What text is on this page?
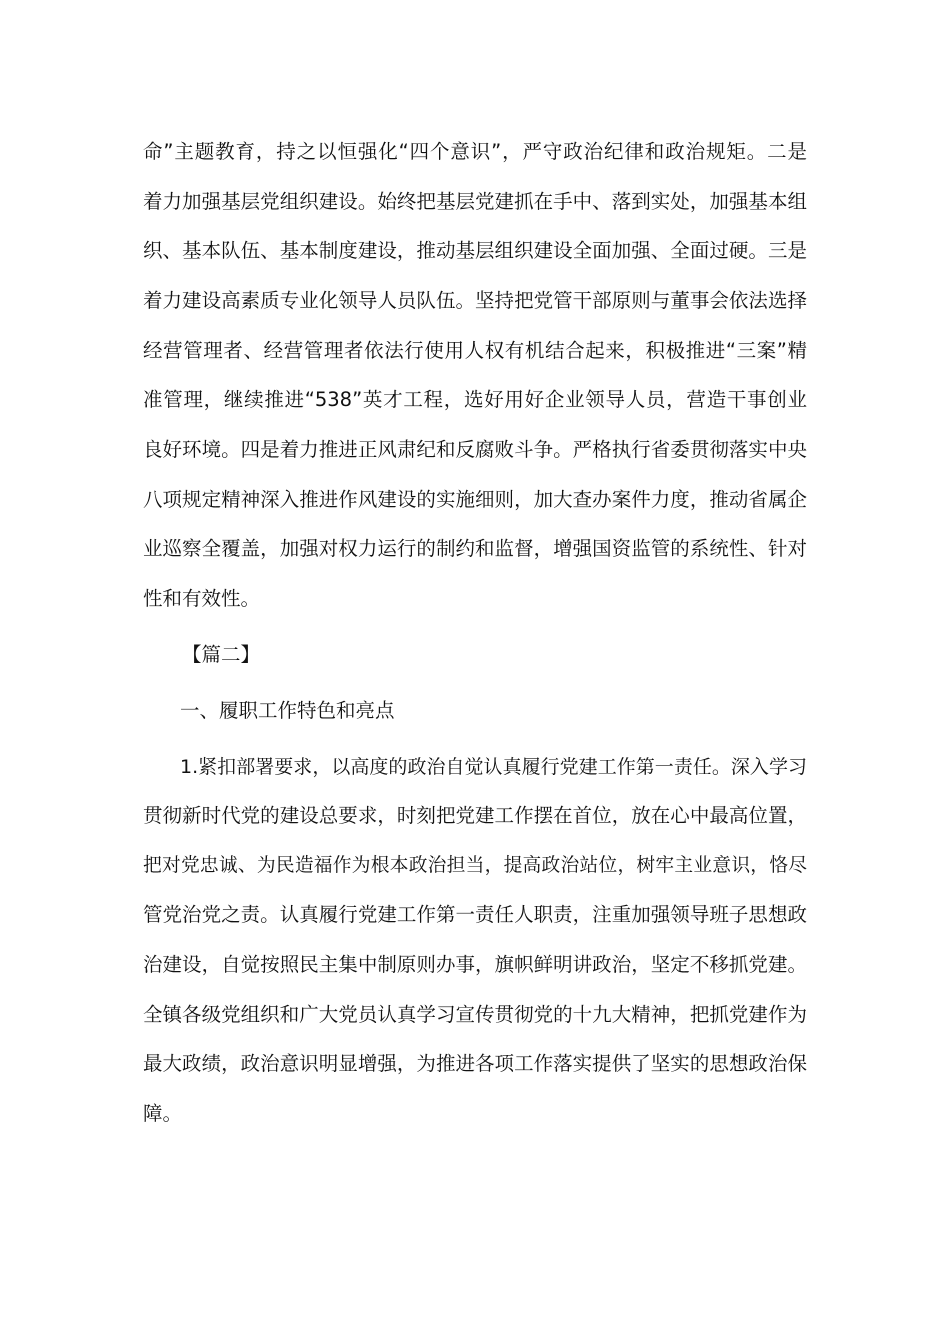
命”主题教育，持之以恒强化“四个意识”，严守政治纪律和政治规矩。二是
着力加强基层党组织建设。始终把基层党建抓在手中、落到实处，加强基本组
织、基本队伍、基本制度建设，推动基层组织建设全面加强、全面过硬。三是
着力建设高素质专业化领导人员队伍。坚持把党管干部原则与董事会依法选择
经营管理者、经营管理者依法行使用人权有机结合起来，积极推进“三案”精
准管理，继续推进“538”英才工程，选好用好企业领导人员，营造干事创业
良好环境。四是着力推进正风肃纪和反腐败斗争。严格执行省委贯彻落实中央
八项规定精神深入推进作风建设的实施细则，加大查办案件力度，推动省属企
业巡察全覆盖，加强对权力运行的制约和监督，增强国资监管的系统性、针对
性和有效性。
【篇二】
一、履职工作特色和亮点
1.紧扣部署要求，以高度的政治自觉认真履行党建工作第一责任。深入学习
贯彻新时代党的建设总要求，时刻把党建工作摆在首位，放在心中最高位置，
把对党忠诚、为民造福作为根本政治担当，提高政治站位，树牢主业意识，恪尽
管党治党之责。认真履行党建工作第一责任人职责，注重加强领导班子思想政
治建设，自觉按照民主集中制原则办事，旗帜鲜明讲政治，坚定不移抓党建。
全镇各级党组织和广大党员认真学习宣传贯彻党的十九大精神，把抓党建作为
最大政绩，政治意识明显增强，为推进各项工作落实提供了坚实的思想政治保
障。
